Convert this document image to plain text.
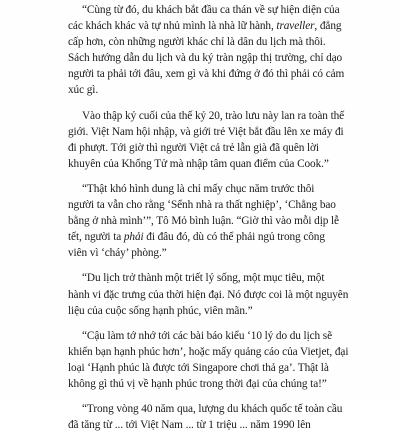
“Cùng từ đó, du khách bắt đầu ca thán về sự hiện diện của
các khách khác và tự nhủ mình là nhà lữ hành, traveller, đẳng
cấp hơn, còn những người khác chỉ là dân du lịch mà thôi.
Sách hướng dẫn du lịch và du ký tràn ngập thị trường, chỉ dạo
người ta phải tới đâu, xem gì và khi đứng ở đó thì phải có cảm
xúc gì.

Vào thập kỷ cuối của thế kỷ 20, trào lưu này lan ra toàn thế
giới. Việt Nam hội nhập, và giới trẻ Việt bắt đầu lên xe máy đi
đi phượt. Tới giờ thì người Việt cả trẻ lẫn già đã quên lời
khuyên của Khổng Tử mà nhập tâm quan điểm của Cook.”

“Thật khó hình dung là chỉ mấy chục năm trước thôi
người ta vẫn cho rằng ‘Sểnh nhà ra thất nghiệp’, ‘Chẳng bao
bằng ở nhà mình’”, Tô Mỏ bình luận. “Giờ thì vào mỗi dịp lễ
tết, người ta phải đi đâu đó, dù có thể phải ngủ trong công
viên vì ‘cháy’ phòng.”

“Du lịch trở thành một triết lý sống, một mục tiêu, một
hành vi đặc trưng của thời hiện đại. Nó được coi là một nguyên
liệu của cuộc sống hạnh phúc, viên mãn.”

“Cậu làm tớ nhớ tới các bài báo kiểu ‘10 lý do du lịch sẽ
khiến bạn hạnh phúc hơn’, hoặc mấy quảng cáo của Vietjet, đại
loại ‘Hạnh phúc là được tới Singapore chơi thả ga’. Thật là
không gì thú vị về hạnh phúc trong thời đại của chúng ta!”

“Trong vòng 40 năm qua, lượng du khách quốc tế toàn cầu
đã tăng từ ... tới Việt Nam ... từ 1 triệu ... năm 1990 lên
